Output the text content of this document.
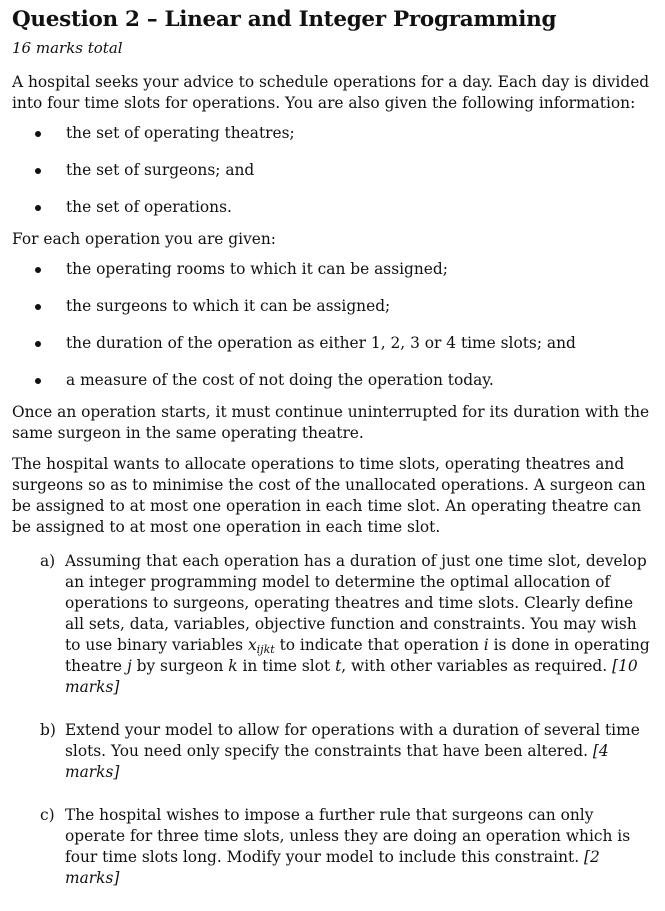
Question 2 – Linear and Integer Programming
16 marks total

A hospital seeks your advice to schedule operations for a day. Each day is divided into four time slots for operations. You are also given the following information:

the set of operating theatres;
the set of surgeons; and
the set of operations.

For each operation you are given:

the operating rooms to which it can be assigned;
the surgeons to which it can be assigned;
the duration of the operation as either 1, 2, 3 or 4 time slots; and
a measure of the cost of not doing the operation today.

Once an operation starts, it must continue uninterrupted for its duration with the same surgeon in the same operating theatre.

The hospital wants to allocate operations to time slots, operating theatres and surgeons so as to minimise the cost of the unallocated operations. A surgeon can be assigned to at most one operation in each time slot. An operating theatre can be assigned to at most one operation in each time slot.

a) Assuming that each operation has a duration of just one time slot, develop an integer programming model to determine the optimal allocation of operations to surgeons, operating theatres and time slots. Clearly define all sets, data, variables, objective function and constraints. You may wish to use binary variables $x_{ijkt}$ to indicate that operation i is done in operating theatre j by surgeon k in time slot t, with other variables as required. [10 marks]
b) Extend your model to allow for operations with a duration of several time slots. You need only specify the constraints that have been altered. [4 marks]
c) The hospital wishes to impose a further rule that surgeons can only operate for three time slots, unless they are doing an operation which is four time slots long. Modify your model to include this constraint. [2 marks]
